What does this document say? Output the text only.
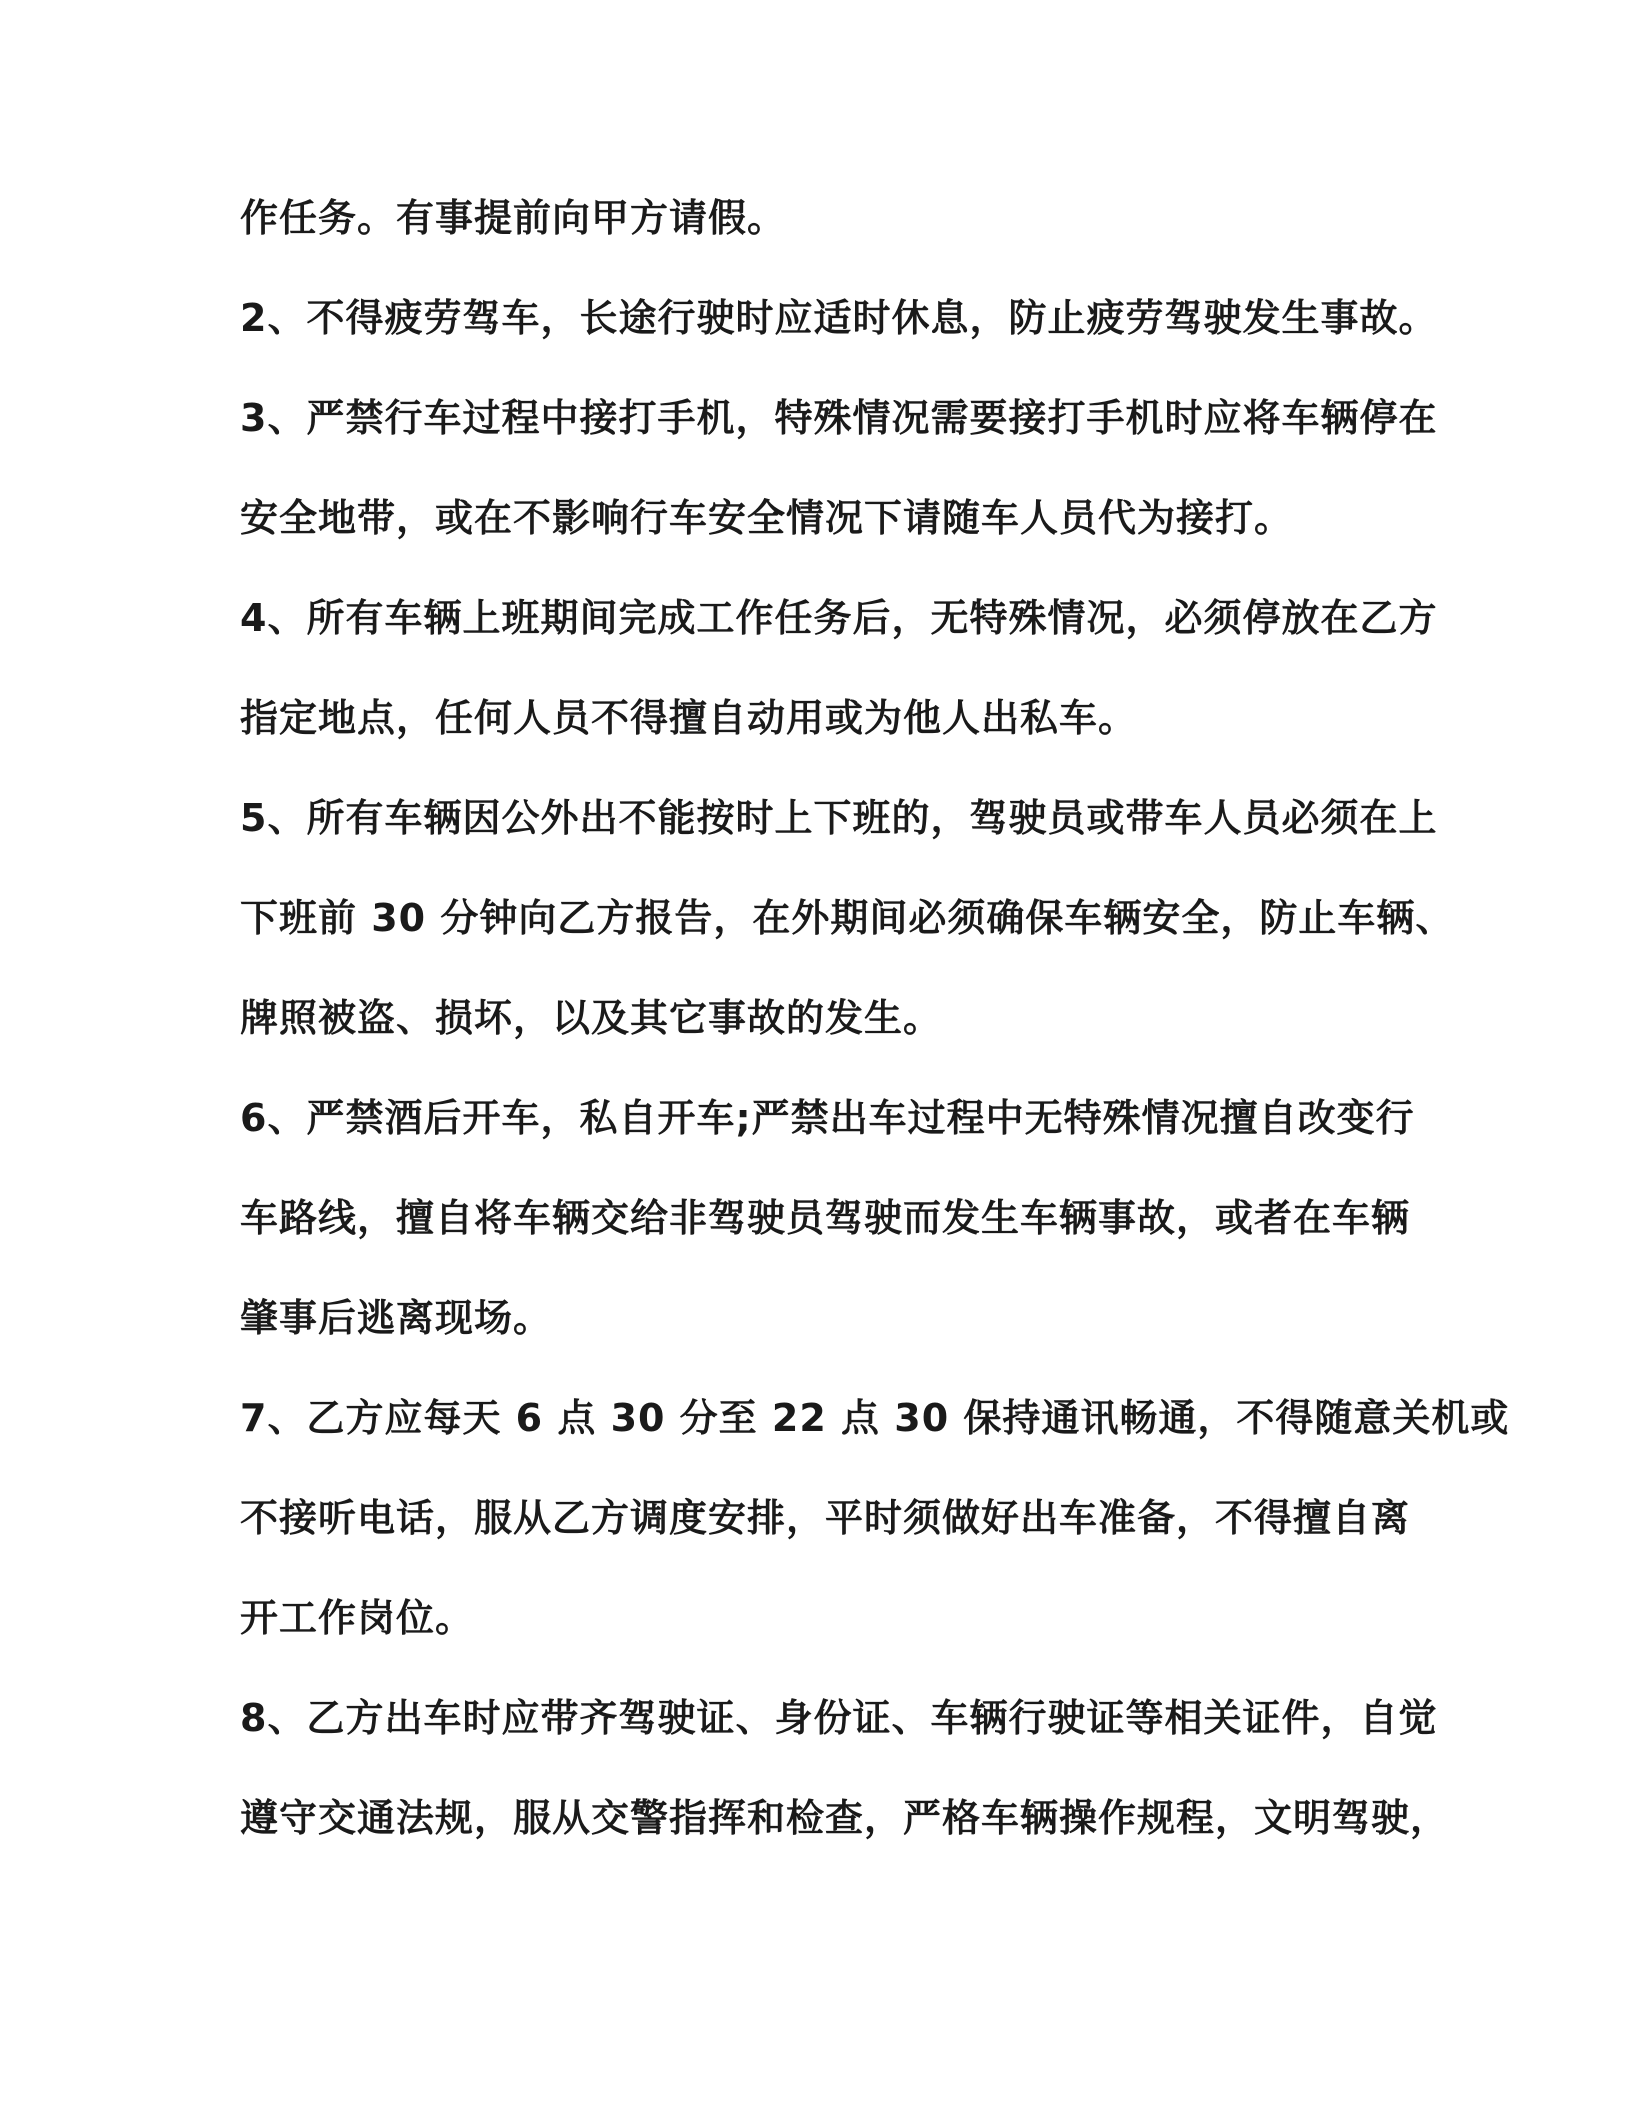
作任务。有事提前向甲方请假。
2、不得疲劳驾车，长途行驶时应适时休息，防止疲劳驾驶发生事故。
3、严禁行车过程中接打手机，特殊情况需要接打手机时应将车辆停在
安全地带，或在不影响行车安全情况下请随车人员代为接打。
4、所有车辆上班期间完成工作任务后，无特殊情况，必须停放在乙方
指定地点，任何人员不得擅自动用或为他人出私车。
5、所有车辆因公外出不能按时上下班的，驾驶员或带车人员必须在上
下班前 30 分钟向乙方报告，在外期间必须确保车辆安全，防止车辆、
牌照被盗、损坏，以及其它事故的发生。
6、严禁酒后开车，私自开车;严禁出车过程中无特殊情况擅自改变行
车路线，擅自将车辆交给非驾驶员驾驶而发生车辆事故，或者在车辆
肇事后逃离现场。
7、乙方应每天 6 点 30 分至 22 点 30 保持通讯畅通，不得随意关机或
不接听电话，服从乙方调度安排，平时须做好出车准备，不得擅自离
开工作岗位。
8、乙方出车时应带齐驾驶证、身份证、车辆行驶证等相关证件，自觉
遵守交通法规，服从交警指挥和检查，严格车辆操作规程，文明驾驶，
